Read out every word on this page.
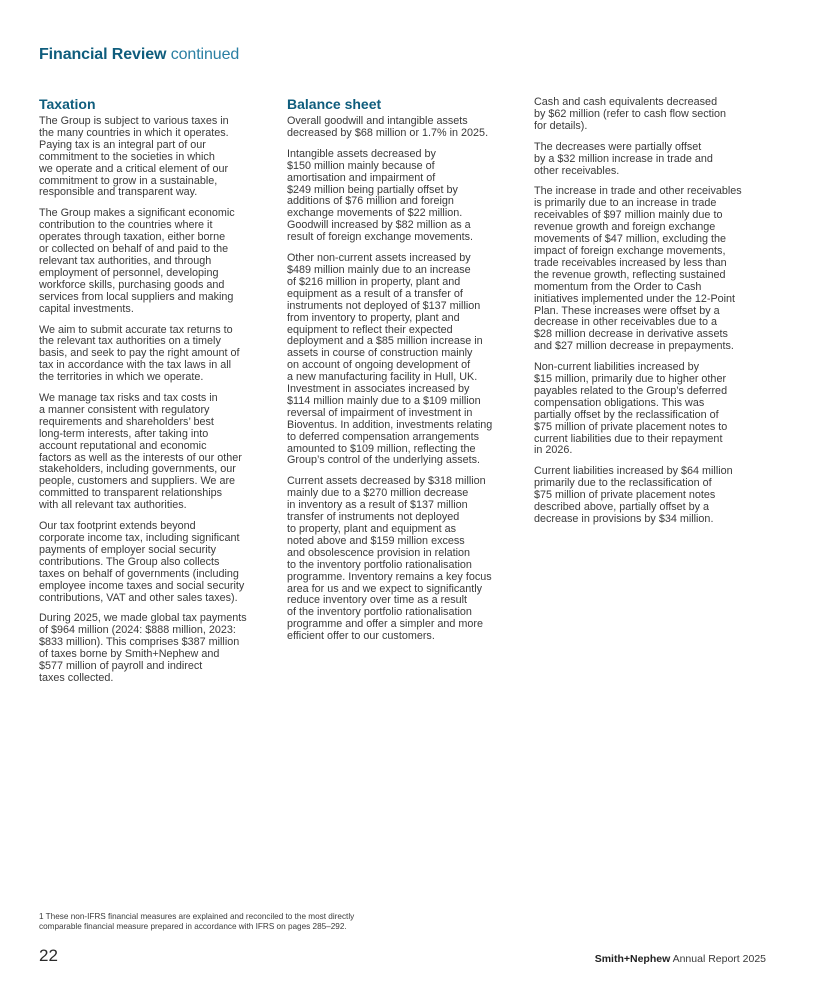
Financial Review continued
Taxation

The Group is subject to various taxes in
the many countries in which it operates.
Paying tax is an integral part of our
commitment to the societies in which
we operate and a critical element of our
commitment to grow in a sustainable,
responsible and transparent way.

The Group makes a significant economic
contribution to the countries where it
operates through taxation, either borne
or collected on behalf of and paid to the
relevant tax authorities, and through
employment of personnel, developing
workforce skills, purchasing goods and
services from local suppliers and making
capital investments.

We aim to submit accurate tax returns to
the relevant tax authorities on a timely
basis, and seek to pay the right amount of
tax in accordance with the tax laws in all
the territories in which we operate.

We manage tax risks and tax costs in
a manner consistent with regulatory
requirements and shareholders’ best
long-term interests, after taking into
account reputational and economic
factors as well as the interests of our other
stakeholders, including governments, our
people, customers and suppliers. We are
committed to transparent relationships
with all relevant tax authorities.

Our tax footprint extends beyond
corporate income tax, including significant
payments of employer social security
contributions. The Group also collects
taxes on behalf of governments (including
employee income taxes and social security
contributions, VAT and other sales taxes).

During 2025, we made global tax payments
of $964 million (2024: $888 million, 2023:
$833 million). This comprises $387 million
of taxes borne by Smith+Nephew and
$577 million of payroll and indirect
taxes collected.

Balance sheet

Overall goodwill and intangible assets
decreased by $68 million or 1.7% in 2025.

Intangible assets decreased by
$150 million mainly because of
amortisation and impairment of
$249 million being partially offset by
additions of $76 million and foreign
exchange movements of $22 million.
Goodwill increased by $82 million as a
result of foreign exchange movements.

Other non-current assets increased by
$489 million mainly due to an increase
of $216 million in property, plant and
equipment as a result of a transfer of
instruments not deployed of $137 million
from inventory to property, plant and
equipment to reflect their expected
deployment and a $85 million increase in
assets in course of construction mainly
on account of ongoing development of
a new manufacturing facility in Hull, UK.
Investment in associates increased by
$114 million mainly due to a $109 million
reversal of impairment of investment in
Bioventus. In addition, investments relating
to deferred compensation arrangements
amounted to $109 million, reflecting the
Group’s control of the underlying assets.

Current assets decreased by $318 million
mainly due to a $270 million decrease
in inventory as a result of $137 million
transfer of instruments not deployed
to property, plant and equipment as
noted above and $159 million excess
and obsolescence provision in relation
to the inventory portfolio rationalisation
programme. Inventory remains a key focus
area for us and we expect to significantly
reduce inventory over time as a result
of the inventory portfolio rationalisation
programme and offer a simpler and more
efficient offer to our customers.

Cash and cash equivalents decreased
by $62 million (refer to cash flow section
for details).

The decreases were partially offset
by a $32 million increase in trade and
other receivables.

The increase in trade and other receivables
is primarily due to an increase in trade
receivables of $97 million mainly due to
revenue growth and foreign exchange
movements of $47 million, excluding the
impact of foreign exchange movements,
trade receivables increased by less than
the revenue growth, reflecting sustained
momentum from the Order to Cash
initiatives implemented under the 12-Point
Plan. These increases were offset by a
decrease in other receivables due to a
$28 million decrease in derivative assets
and $27 million decrease in prepayments.

Non-current liabilities increased by
$15 million, primarily due to higher other
payables related to the Group’s deferred
compensation obligations. This was
partially offset by the reclassification of
$75 million of private placement notes to
current liabilities due to their repayment
in 2026.

Current liabilities increased by $64 million
primarily due to the reclassification of
$75 million of private placement notes
described above, partially offset by a
decrease in provisions by $34 million.

1 These non-IFRS financial measures are explained and reconciled to the most directly
comparable financial measure prepared in accordance with IFRS on pages 285–292.
22	Smith+Nephew Annual Report 2025
